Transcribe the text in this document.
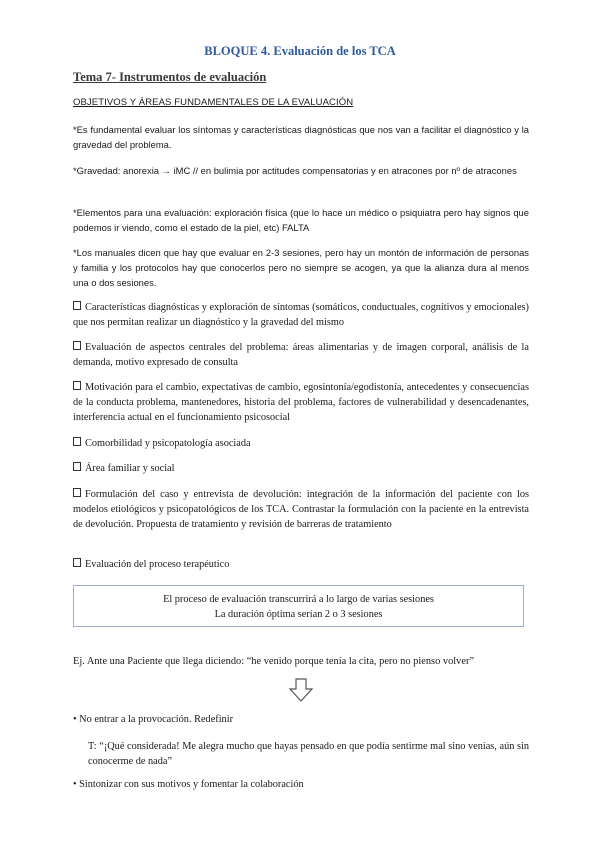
BLOQUE 4. Evaluación de los TCA
Tema 7- Instrumentos de evaluación
OBJETIVOS Y ÁREAS FUNDAMENTALES DE LA EVALUACIÓN
*Es fundamental evaluar los síntomas y características diagnósticas que nos van a facilitar el diagnóstico y la gravedad del problema.
*Gravedad: anorexia → iMC // en bulimia por actitudes compensatorias y en atracones por nº de atracones
*Elementos para una evaluación: exploración física (que lo hace un médico o psiquiatra pero hay signos que podemos ir viendo, como el estado de la piel, etc) FALTA
*Los manuales dicen que hay que evaluar en 2-3 sesiones, pero hay un montón de información de personas y familia y los protocolos hay que conocerlos pero no siempre se acogen, ya que la alianza dura al menos una o dos sesiones.
Características diagnósticas y exploración de síntomas (somáticos, conductuales, cognitivos y emocionales) que nos permitan realizar un diagnóstico y la gravedad del mismo
Evaluación de aspectos centrales del problema: áreas alimentarias y de imagen corporal, análisis de la demanda, motivo expresado de consulta
Motivación para el cambio, expectativas de cambio, egosintonía/egodistonía, antecedentes y consecuencias de la conducta problema, mantenedores, historia del problema, factores de vulnerabilidad y desencadenantes, interferencia actual en el funcionamiento psicosocial
Comorbilidad y psicopatología asociada
Área familiar y social
Formulación del caso y entrevista de devolución: integración de la información del paciente con los modelos etiológicos y psicopatológicos de los TCA. Contrastar la formulación con la paciente en la entrevista de devolución. Propuesta de tratamiento y revisión de barreras de tratamiento
Evaluación del proceso terapéutico
El proceso de evaluación transcurrirá a lo largo de varias sesiones
La duración óptima serían 2 o 3 sesiones
Ej. Ante una Paciente que llega diciendo: “he venido porque tenía la cita, pero no pienso volver”
• No entrar a la provocación. Redefinir
T: “¡Qué considerada! Me alegra mucho que hayas pensado en que podía sentirme mal sino venías, aún sin conocerme de nada”
• Sintonizar con sus motivos y fomentar la colaboración
